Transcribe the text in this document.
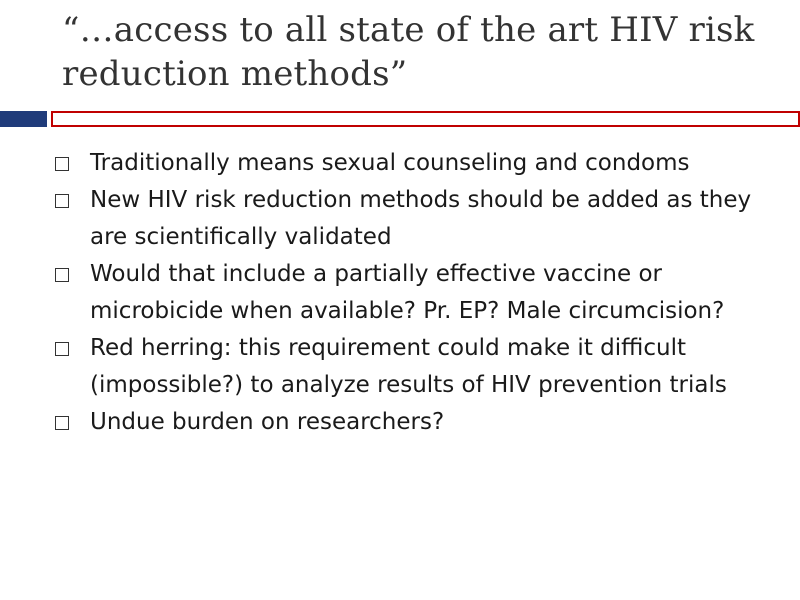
“…access to all state of the art HIV risk reduction methods”
Traditionally means sexual counseling and condoms
New HIV risk reduction methods should be added as they are scientifically validated
Would that include a partially effective vaccine or microbicide when available? Pr. EP? Male circumcision?
Red herring: this requirement could make it difficult (impossible?) to analyze results of HIV prevention trials
Undue burden on researchers?
